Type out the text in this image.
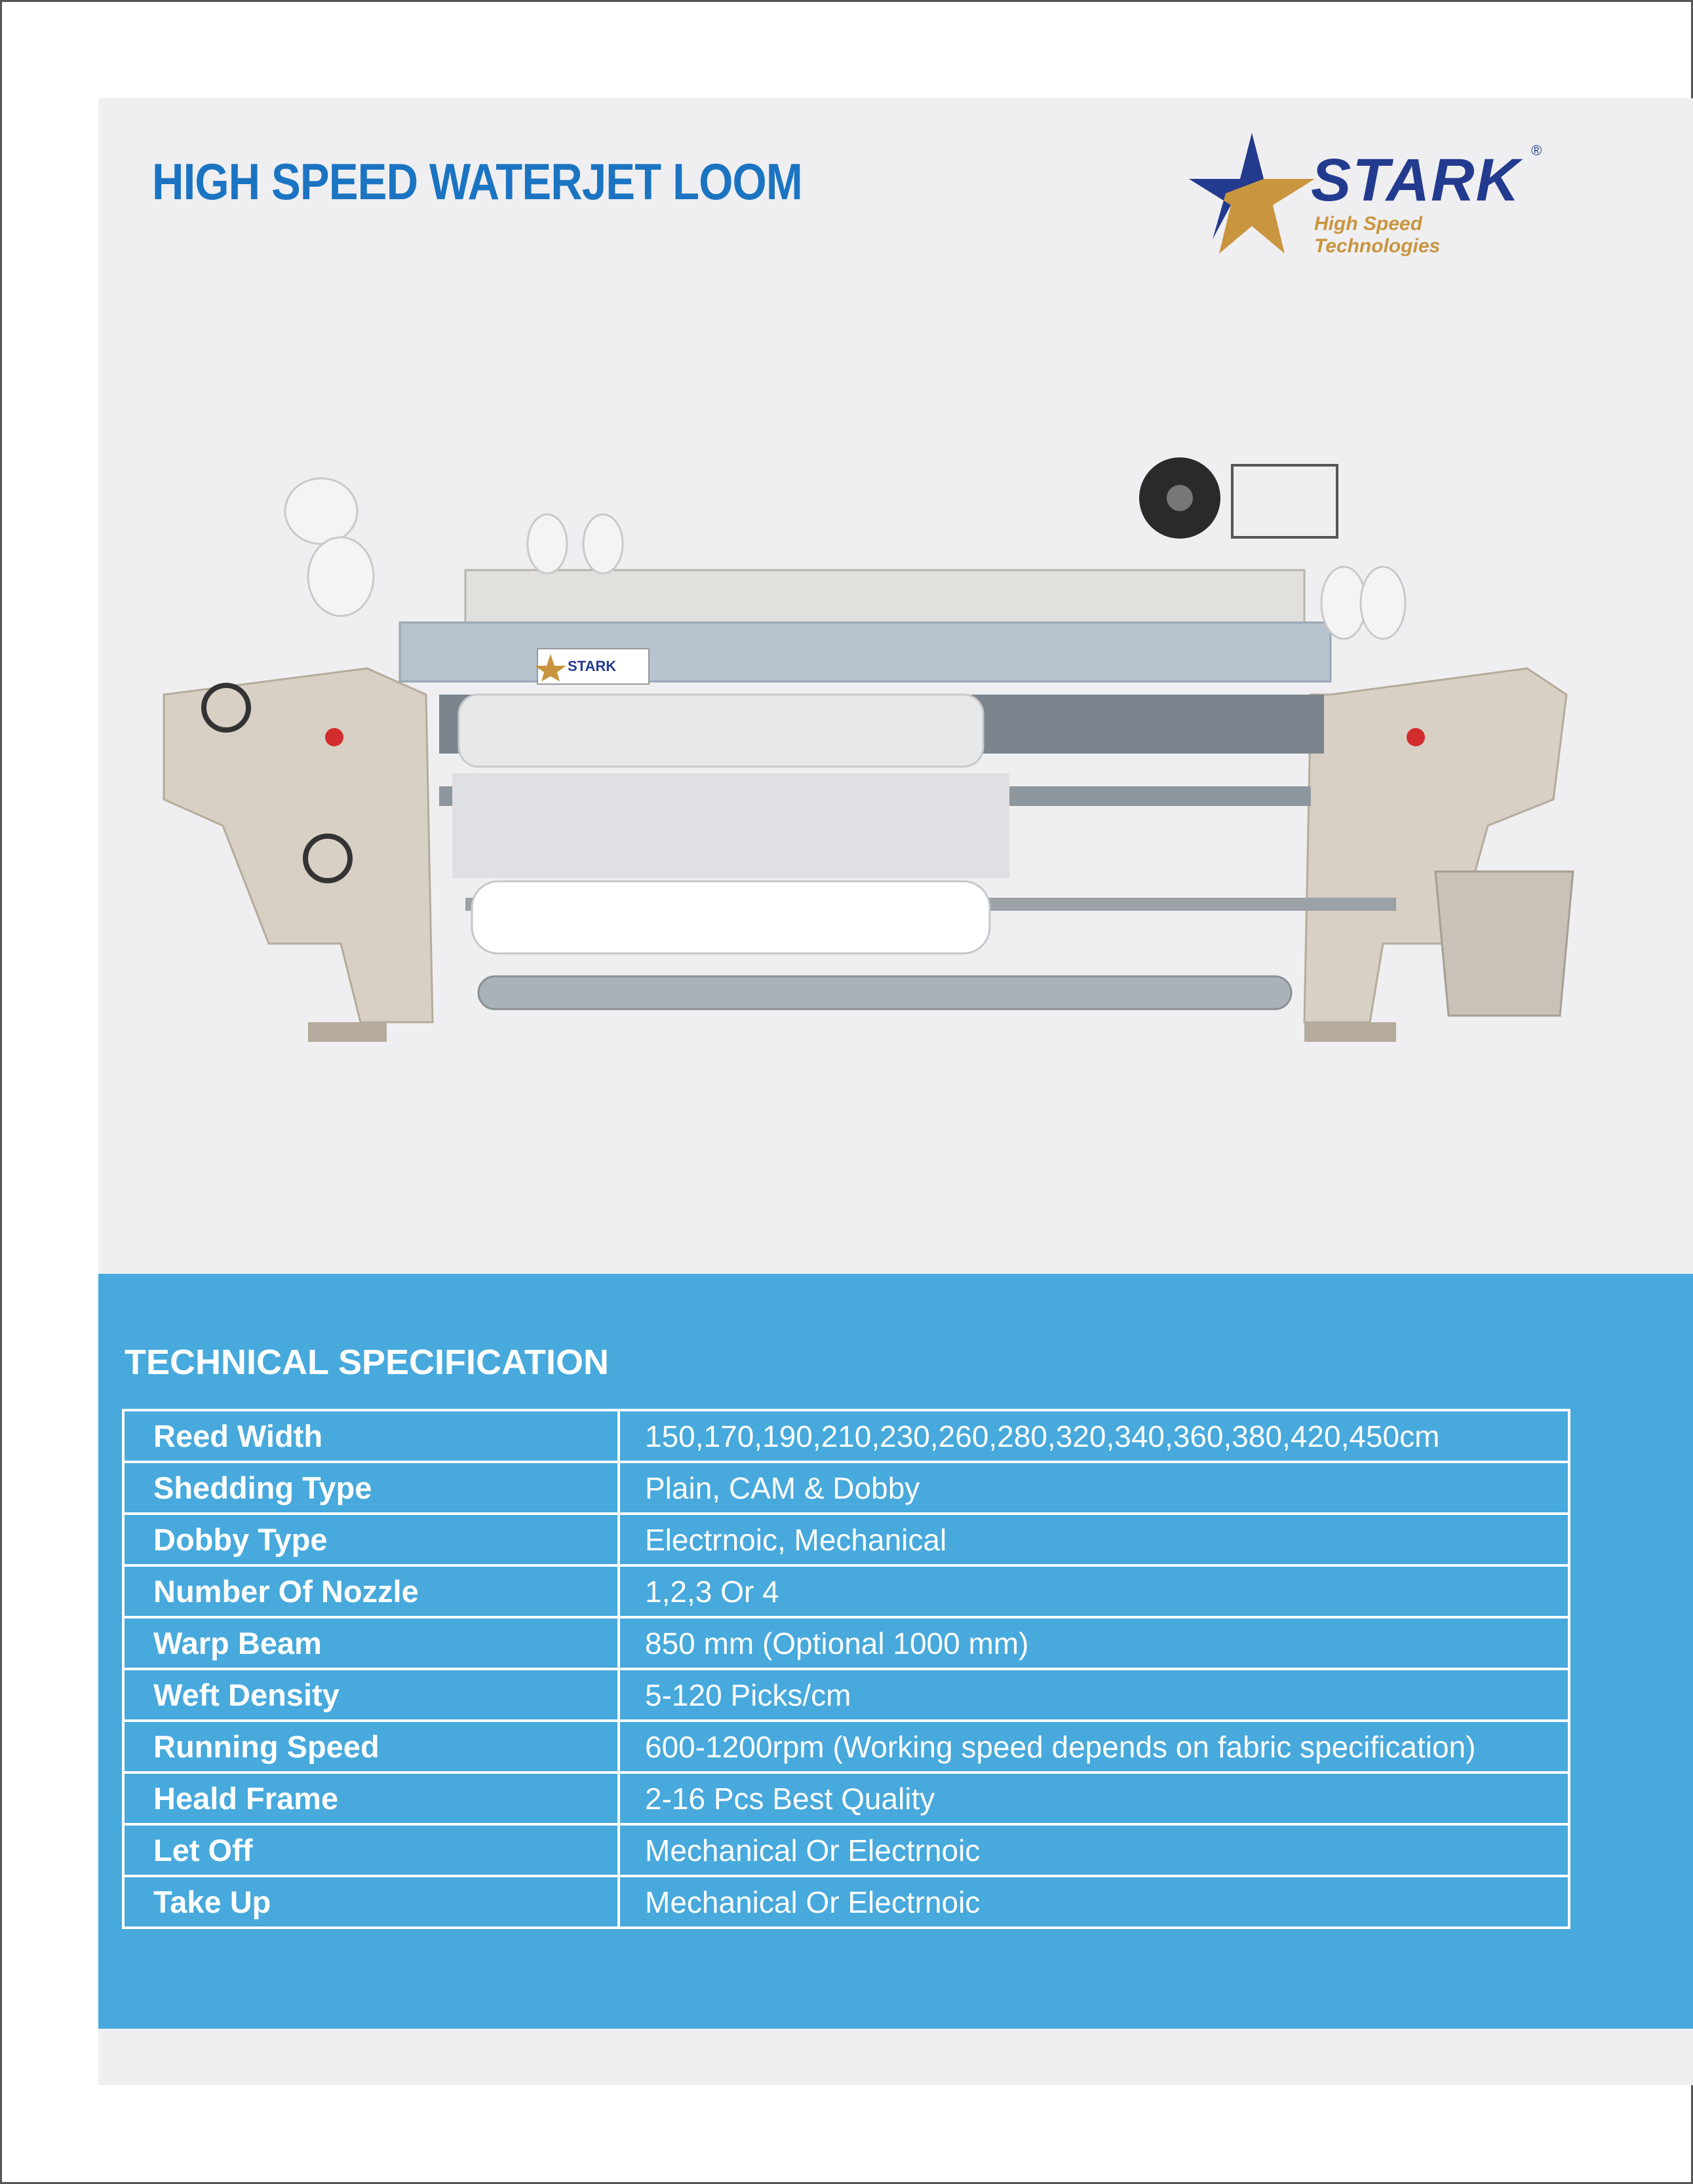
HIGH SPEED WATERJET LOOM	STARK ®
High Speed Technologies
STARK
TECHNICAL SPECIFICATION
Reed Width	150,170,190,210,230,260,280,320,340,360,380,420,450cm
Shedding Type	Plain, CAM & Dobby
Dobby Type	Electrnoic, Mechanical
Number Of Nozzle	1,2,3 Or 4
Warp Beam	850 mm (Optional 1000 mm)
Weft Density	5-120 Picks/cm
Running Speed	600-1200rpm (Working speed depends on fabric specification)
Heald Frame	2-16 Pcs Best Quality
Let Off	Mechanical Or Electrnoic
Take Up	Mechanical Or Electrnoic
